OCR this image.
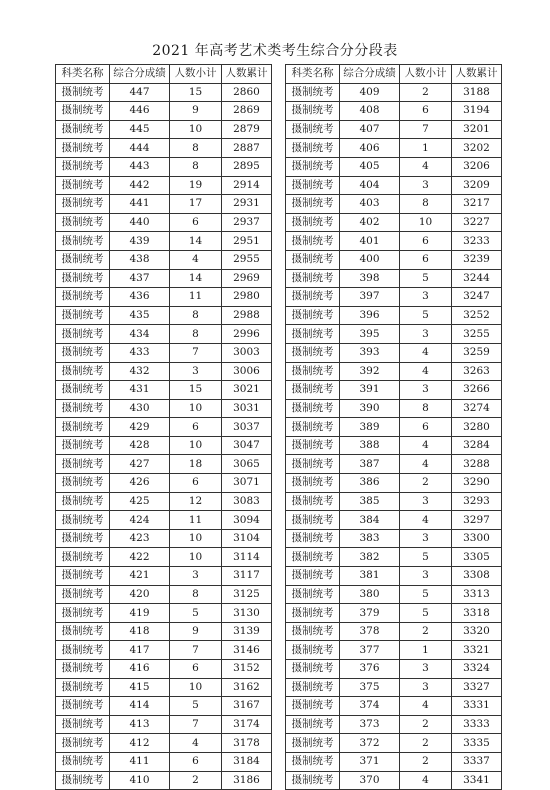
2021 年高考艺术类考生综合分分段表
科类名称	综合分成绩	人数小计	人数累计
摄制统考	447	15	2860
摄制统考	446	9	2869
摄制统考	445	10	2879
摄制统考	444	8	2887
摄制统考	443	8	2895
摄制统考	442	19	2914
摄制统考	441	17	2931
摄制统考	440	6	2937
摄制统考	439	14	2951
摄制统考	438	4	2955
摄制统考	437	14	2969
摄制统考	436	11	2980
摄制统考	435	8	2988
摄制统考	434	8	2996
摄制统考	433	7	3003
摄制统考	432	3	3006
摄制统考	431	15	3021
摄制统考	430	10	3031
摄制统考	429	6	3037
摄制统考	428	10	3047
摄制统考	427	18	3065
摄制统考	426	6	3071
摄制统考	425	12	3083
摄制统考	424	11	3094
摄制统考	423	10	3104
摄制统考	422	10	3114
摄制统考	421	3	3117
摄制统考	420	8	3125
摄制统考	419	5	3130
摄制统考	418	9	3139
摄制统考	417	7	3146
摄制统考	416	6	3152
摄制统考	415	10	3162
摄制统考	414	5	3167
摄制统考	413	7	3174
摄制统考	412	4	3178
摄制统考	411	6	3184
摄制统考	410	2	3186
科类名称	综合分成绩	人数小计	人数累计
摄制统考	409	2	3188
摄制统考	408	6	3194
摄制统考	407	7	3201
摄制统考	406	1	3202
摄制统考	405	4	3206
摄制统考	404	3	3209
摄制统考	403	8	3217
摄制统考	402	10	3227
摄制统考	401	6	3233
摄制统考	400	6	3239
摄制统考	398	5	3244
摄制统考	397	3	3247
摄制统考	396	5	3252
摄制统考	395	3	3255
摄制统考	393	4	3259
摄制统考	392	4	3263
摄制统考	391	3	3266
摄制统考	390	8	3274
摄制统考	389	6	3280
摄制统考	388	4	3284
摄制统考	387	4	3288
摄制统考	386	2	3290
摄制统考	385	3	3293
摄制统考	384	4	3297
摄制统考	383	3	3300
摄制统考	382	5	3305
摄制统考	381	3	3308
摄制统考	380	5	3313
摄制统考	379	5	3318
摄制统考	378	2	3320
摄制统考	377	1	3321
摄制统考	376	3	3324
摄制统考	375	3	3327
摄制统考	374	4	3331
摄制统考	373	2	3333
摄制统考	372	2	3335
摄制统考	371	2	3337
摄制统考	370	4	3341
